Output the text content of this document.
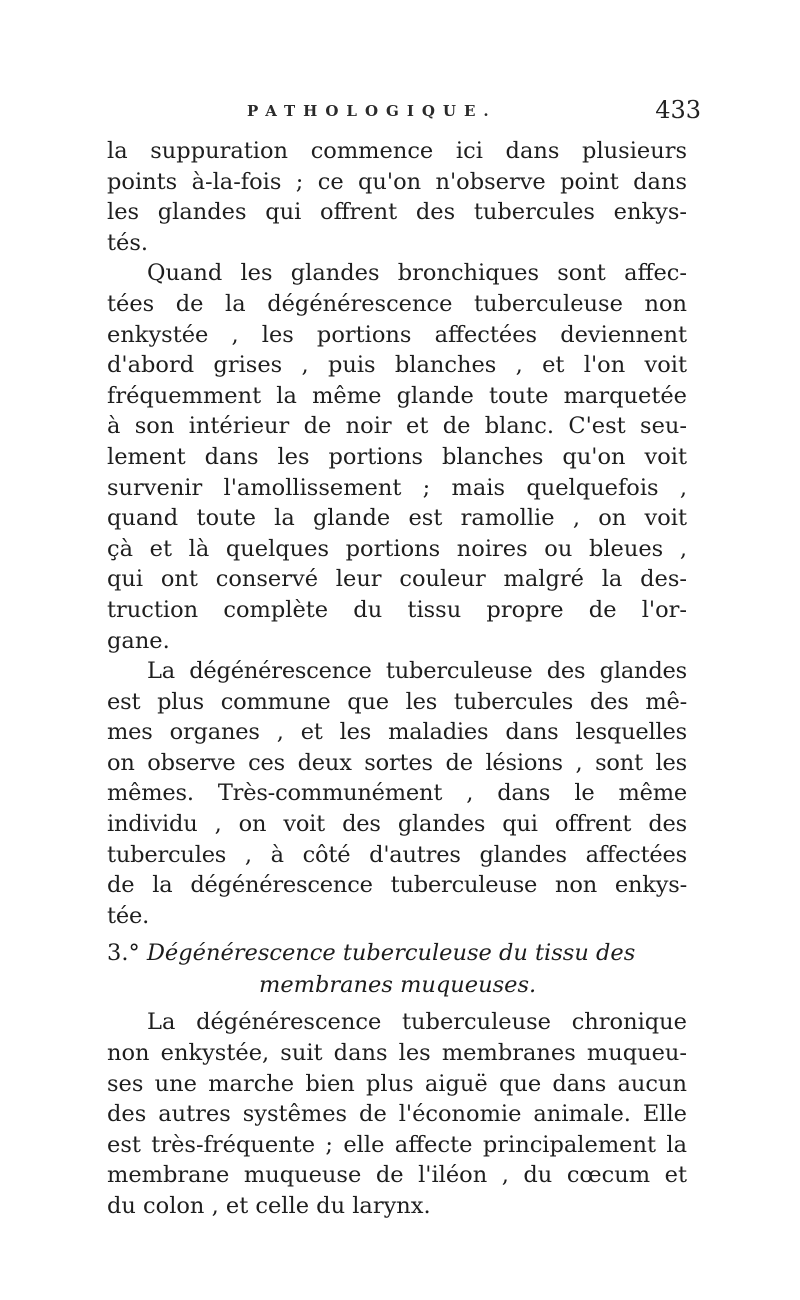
PATHOLOGIQUE.	433
la suppuration commence ici dans plusieurs
points à-la-fois ; ce qu'on n'observe point dans
les glandes qui offrent des tubercules enkys-
tés.
Quand les glandes bronchiques sont affec-
tées de la dégénérescence tuberculeuse non
enkystée , les portions affectées deviennent
d'abord grises , puis blanches , et l'on voit
fréquemment la même glande toute marquetée
à son intérieur de noir et de blanc. C'est seu-
lement dans les portions blanches qu'on voit
survenir l'amollissement ; mais quelquefois ,
quand toute la glande est ramollie , on voit
çà et là quelques portions noires ou bleues ,
qui ont conservé leur couleur malgré la des-
truction complète du tissu propre de l'or-
gane.
La dégénérescence tuberculeuse des glandes
est plus commune que les tubercules des mê-
mes organes , et les maladies dans lesquelles
on observe ces deux sortes de lésions , sont les
mêmes. Très-communément , dans le même
individu , on voit des glandes qui offrent des
tubercules , à côté d'autres glandes affectées
de la dégénérescence tuberculeuse non enkys-
tée.
3.° Dégénérescence tuberculeuse du tissu des
membranes muqueuses.
La dégénérescence tuberculeuse chronique
non enkystée, suit dans les membranes muqueu-
ses une marche bien plus aiguë que dans aucun
des autres systêmes de l'économie animale. Elle
est très-fréquente ; elle affecte principalement la
membrane muqueuse de l'iléon , du cœcum et
du colon , et celle du larynx.
